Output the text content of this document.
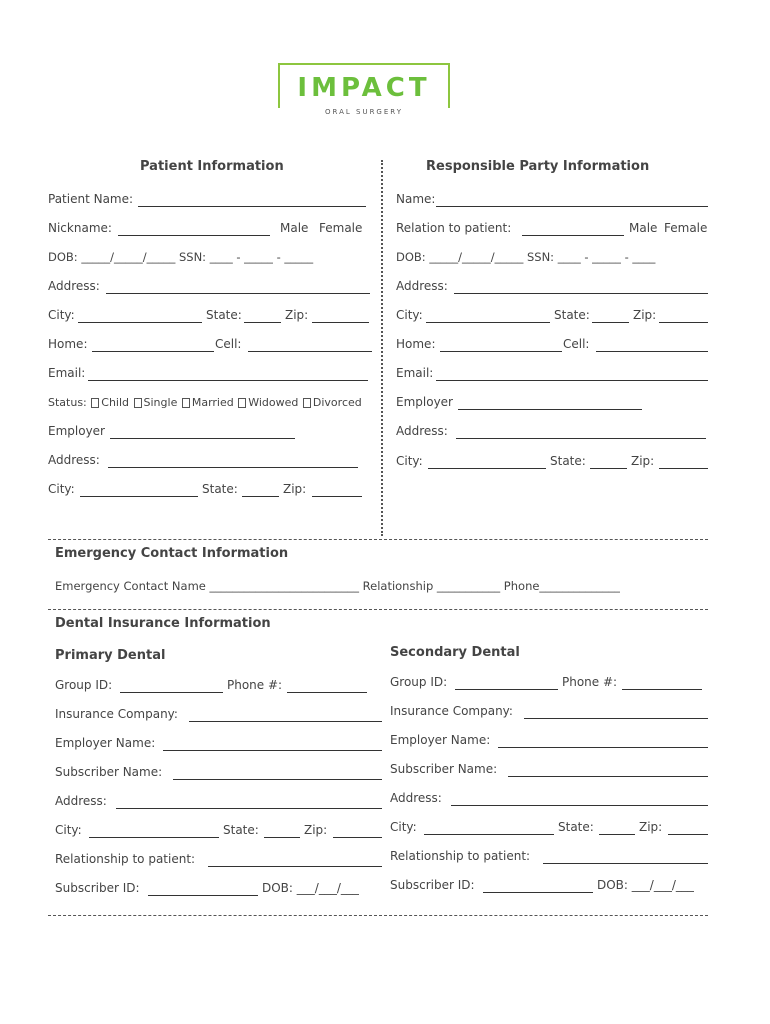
IMPACT
ORAL SURGERY
Patient Information
Patient Name:
Nickname:	Male Female
DOB: _____/_____/_____ SSN: ____ - _____ - _____
Address:
City:	State:	Zip:
Home:	Cell:
Email:
Status: Child Single Married Widowed Divorced
Employer
Address:
City:	State:	Zip:
Responsible Party Information
Name:
Relation to patient:	Male Female
DOB: _____/_____/_____ SSN: ____ - _____ - ____
Address:
City:	State:	Zip:
Home:	Cell:
Email:
Employer
Address:
City:	State:	Zip:
Emergency Contact Information
Emergency Contact Name __________________________ Relationship ___________ Phone______________
Dental Insurance Information
Primary Dental
Group ID:	Phone #:
Insurance Company:
Employer Name:
Subscriber Name:
Address:
City:	State:	Zip:
Relationship to patient:
Subscriber ID:	DOB: ___/___/___
Secondary Dental
Group ID:	Phone #:
Insurance Company:
Employer Name:
Subscriber Name:
Address:
City:	State:	Zip:
Relationship to patient:
Subscriber ID:	DOB: ___/___/___
